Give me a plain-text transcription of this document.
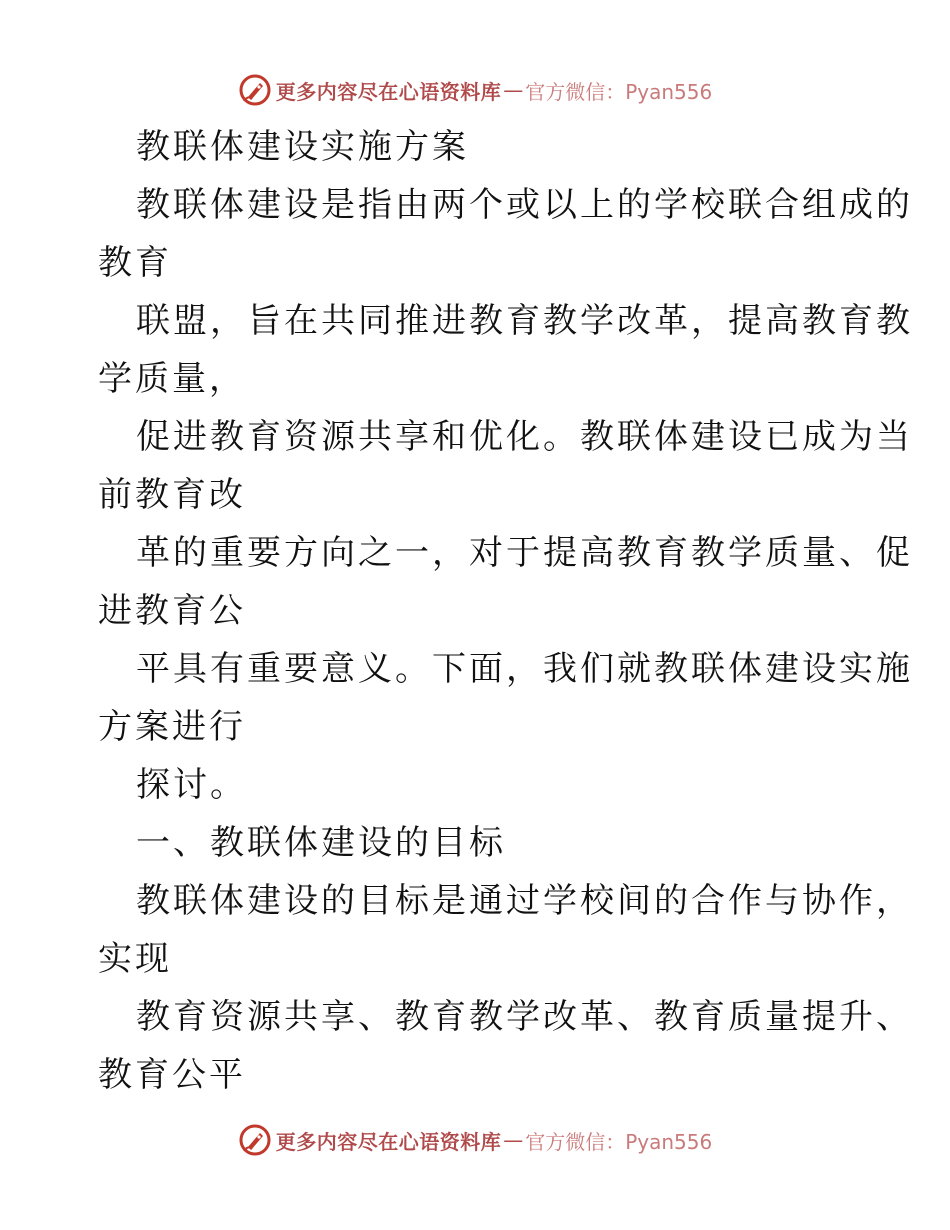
更多内容尽在心语资料库 — 官方微信：Pyan556
教联体建设实施方案
教联体建设是指由两个或以上的学校联合组成的
教育
联盟，旨在共同推进教育教学改革，提高教育教
学质量，
促进教育资源共享和优化。教联体建设已成为当
前教育改
革的重要方向之一，对于提高教育教学质量、促
进教育公
平具有重要意义。下面，我们就教联体建设实施
方案进行
探讨。
一、教联体建设的目标
教联体建设的目标是通过学校间的合作与协作，
实现
教育资源共享、教育教学改革、教育质量提升、
教育公平
更多内容尽在心语资料库 — 官方微信：Pyan556
